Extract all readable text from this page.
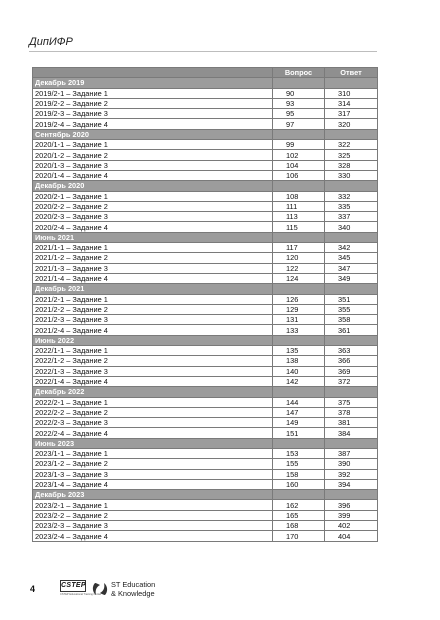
ДипИФР
	Вопрос	Ответ
Декабрь 2019		
2019/2-1 – Задание 1	90	310
2019/2-2 – Задание 2	93	314
2019/2-3 – Задание 3	95	317
2019/2-4 – Задание 4	97	320
Сентябрь 2020		
2020/1-1 – Задание 1	99	322
2020/1-2 – Задание 2	102	325
2020/1-3 – Задание 3	104	328
2020/1-4 – Задание 4	106	330
Декабрь 2020		
2020/2-1 – Задание 1	108	332
2020/2-2 – Задание 2	111	335
2020/2-3 – Задание 3	113	337
2020/2-4 – Задание 4	115	340
Июнь 2021		
2021/1-1 – Задание 1	117	342
2021/1-2 – Задание 2	120	345
2021/1-3 – Задание 3	122	347
2021/1-4 – Задание 4	124	349
Декабрь 2021		
2021/2-1 – Задание 1	126	351
2021/2-2 – Задание 2	129	355
2021/2-3 – Задание 3	131	358
2021/2-4 – Задание 4	133	361
Июнь 2022		
2022/1-1 – Задание 1	135	363
2022/1-2 – Задание 2	138	366
2022/1-3 – Задание 3	140	369
2022/1-4 – Задание 4	142	372
Декабрь 2022		
2022/2-1 – Задание 1	144	375
2022/2-2 – Задание 2	147	378
2022/2-3 – Задание 3	149	381
2022/2-4 – Задание 4	151	384
Июнь 2023		
2023/1-1 – Задание 1	153	387
2023/1-2 – Задание 2	155	390
2023/1-3 – Задание 3	158	392
2023/1-4 – Задание 4	160	394
Декабрь 2023		
2023/2-1 – Задание 1	162	396
2023/2-2 – Задание 2	165	399
2023/2-3 – Задание 3	168	402
2023/2-4 – Задание 4	170	404
4	CSTEP
CSTEP Educational Training Center
ST Education
& Knowledge
